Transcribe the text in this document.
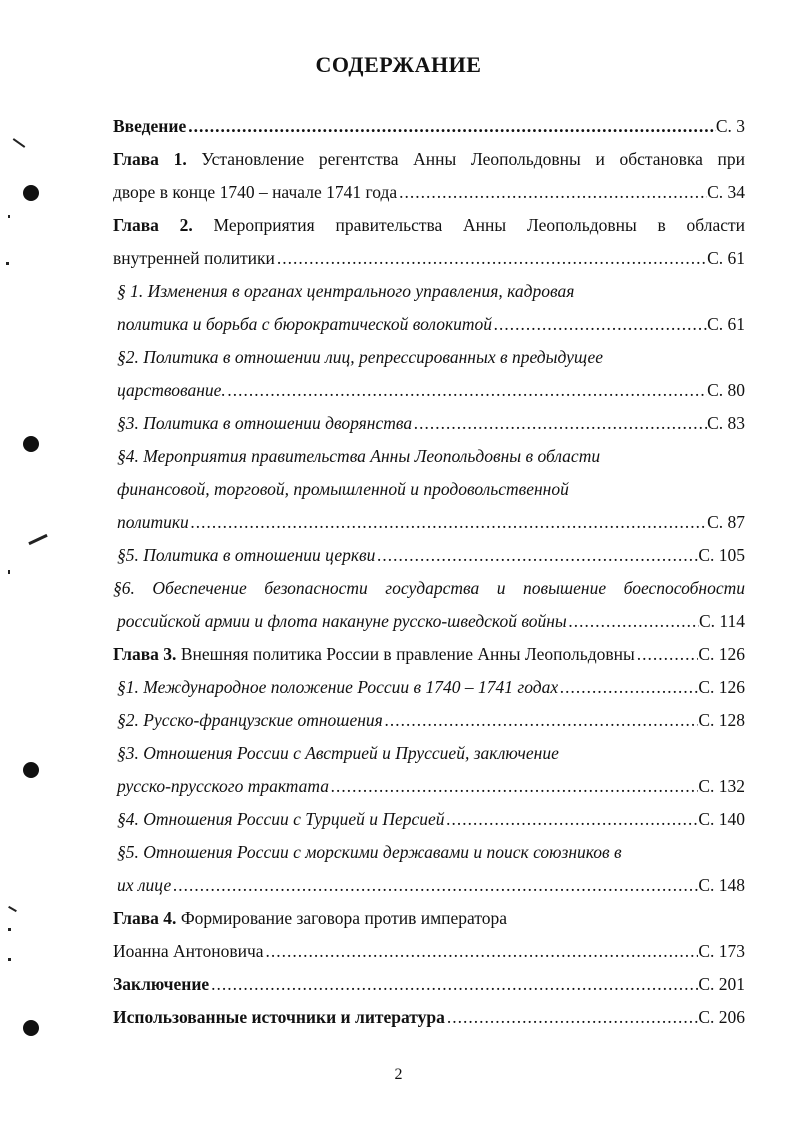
СОДЕРЖАНИЕ
Введение .....	С. 3
Глава 1. Установление регентства Анны Леопольдовны и обстановка при
дворе в конце 1740 – начале 1741 года .....	С. 34
Глава 2. Мероприятия правительства Анны Леопольдовны в области
внутренней политики .....	С. 61
§ 1. Изменения в органах центрального управления, кадровая
политика и борьба с бюрократической волокитой .....	С. 61
§2. Политика в отношении лиц, репрессированных в предыдущее
царствование. .....	С. 80
§3. Политика в отношении дворянства .....	С. 83
§4. Мероприятия правительства Анны Леопольдовны в области
финансовой, торговой, промышленной и продовольственной
политики .....	С. 87
§5. Политика в отношении церкви .....	С. 105
§6. Обеспечение безопасности государства и повышение боеспособности
российской армии и флота накануне русско-шведской войны .....	С. 114
Глава 3. Внешняя политика России в правление Анны Леопольдовны .....	С. 126
§1. Международное положение России в 1740 – 1741 годах .....	С. 126
§2. Русско-французские отношения .....	С. 128
§3. Отношения России с Австрией и Пруссией, заключение
русско-прусского трактата .....	С. 132
§4. Отношения России с Турцией и Персией .....	С. 140
§5. Отношения России с морскими державами и поиск союзников в
их лице .....	С. 148
Глава 4. Формирование заговора против императора
Иоанна Антоновича .....	С. 173
Заключение .....	С. 201
Использованные источники и литература .....	С. 206
2
